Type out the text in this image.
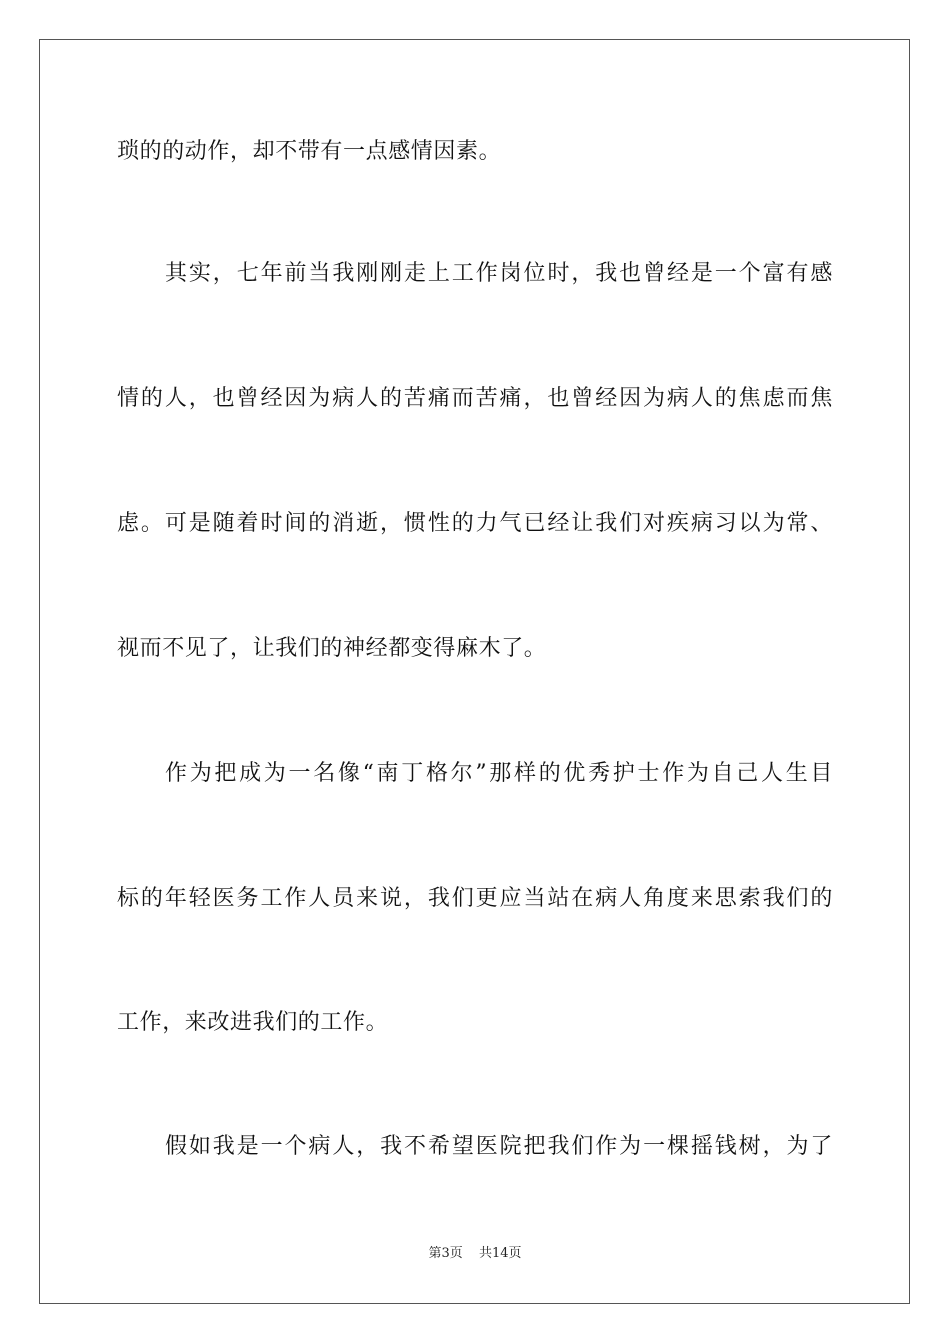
琐的的动作，却不带有一点感情因素。
其实，七年前当我刚刚走上工作岗位时，我也曾经是一个富有感
情的人，也曾经因为病人的苦痛而苦痛，也曾经因为病人的焦虑而焦
虑。可是随着时间的消逝，惯性的力气已经让我们对疾病习以为常、
视而不见了，让我们的神经都变得麻木了。
作为把成为一名像“南丁格尔”那样的优秀护士作为自己人生目
标的年轻医务工作人员来说，我们更应当站在病人角度来思索我们的
工作，来改进我们的工作。
假如我是一个病人，我不希望医院把我们作为一棵摇钱树，为了
第3页 共14页
